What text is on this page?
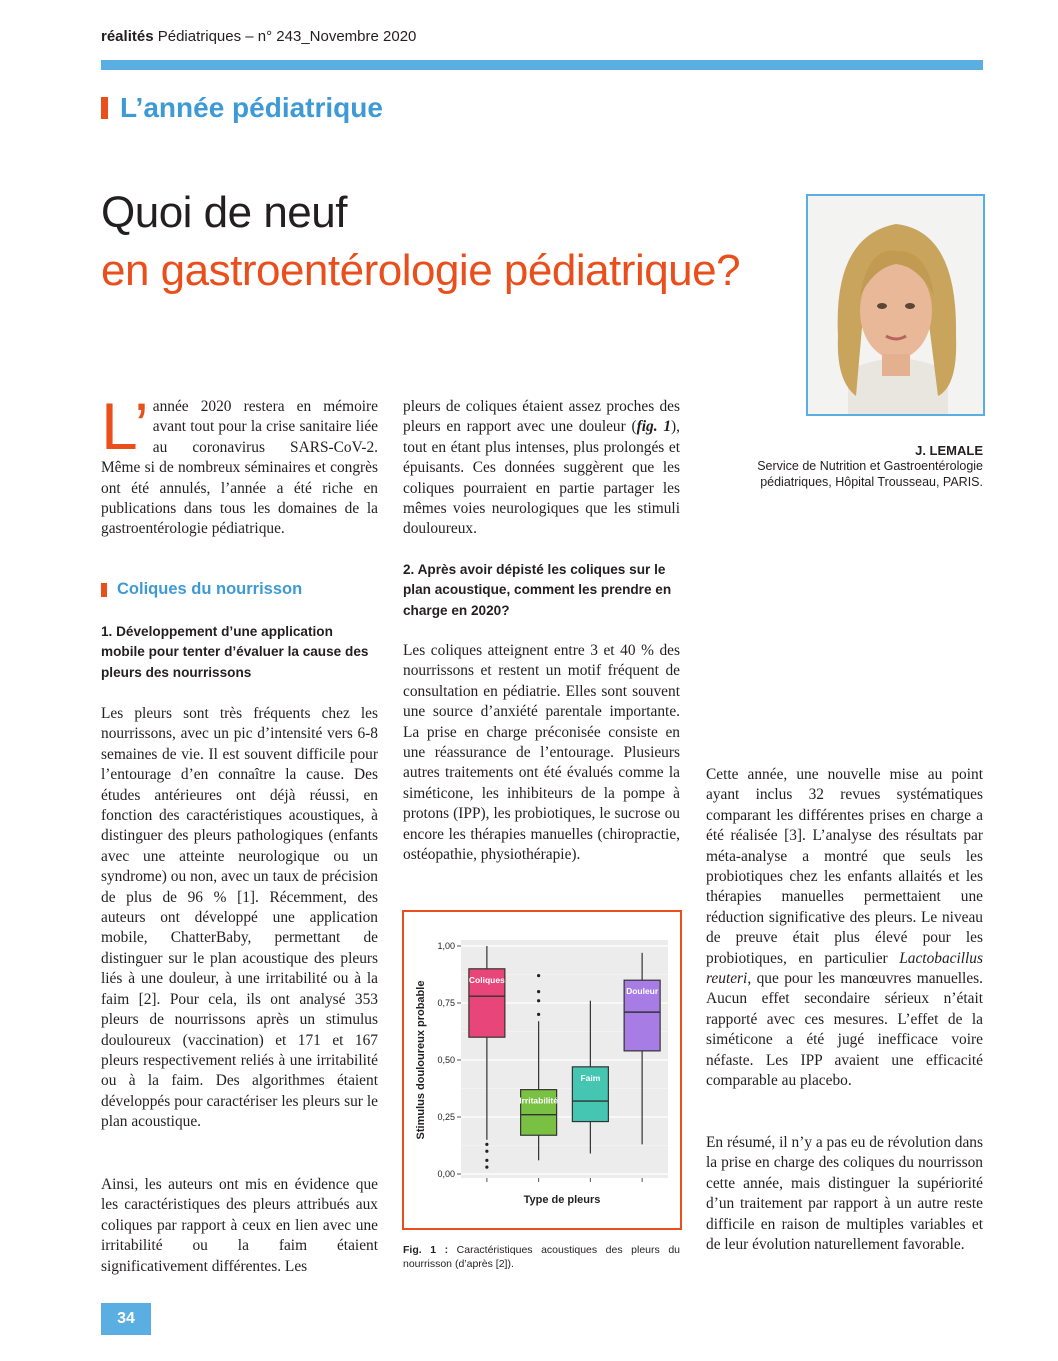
réalités Pédiatriques – n° 243_Novembre 2020
L’année pédiatrique
Quoi de neuf
en gastroentérologie pédiatrique?
J. LEMALE
Service de Nutrition et Gastroentérologie
pédiatriques, Hôpital Trousseau, PARIS.
L’ année 2020 restera en mémoire avant tout pour la crise sanitaire liée au coronavirus SARS-CoV-2. Même si de nombreux séminaires et congrès ont été annulés, l’année a été riche en publications dans tous les domaines de la gastroentérologie pédiatrique.
Coliques du nourrisson
1. Développement d’une application mobile pour tenter d’évaluer la cause des pleurs des nourrissons
Les pleurs sont très fréquents chez les nourrissons, avec un pic d’intensité vers 6-8 semaines de vie. Il est souvent difficile pour l’entourage d’en connaître la cause. Des études antérieures ont déjà réussi, en fonction des caractéristiques acoustiques, à distinguer des pleurs pathologiques (enfants avec une atteinte neurologique ou un syndrome) ou non, avec un taux de précision de plus de 96 % [1]. Récemment, des auteurs ont développé une application mobile, ChatterBaby, permettant de distinguer sur le plan acoustique des pleurs liés à une douleur, à une irritabilité ou à la faim [2]. Pour cela, ils ont analysé 353 pleurs de nourrissons après un stimulus douloureux (vaccination) et 171 et 167 pleurs respectivement reliés à une irritabilité ou à la faim. Des algorithmes étaient développés pour caractériser les pleurs sur le plan acoustique.
Ainsi, les auteurs ont mis en évidence que les caractéristiques des pleurs attribués aux coliques par rapport à ceux en lien avec une irritabilité ou la faim étaient significativement différentes. Les
pleurs de coliques étaient assez proches des pleurs en rapport avec une douleur (fig. 1), tout en étant plus intenses, plus prolongés et épuisants. Ces données suggèrent que les coliques pourraient en partie partager les mêmes voies neurologiques que les stimuli douloureux.
2. Après avoir dépisté les coliques sur le plan acoustique, comment les prendre en charge en 2020?
Les coliques atteignent entre 3 et 40 % des nourrissons et restent un motif fréquent de consultation en pédiatrie. Elles sont souvent une source d’anxiété parentale importante. La prise en charge préconisée consiste en une réassurance de l’entourage. Plusieurs autres traitements ont été évalués comme la siméticone, les inhibiteurs de la pompe à protons (IPP), les probiotiques, le sucrose ou encore les thérapies manuelles (chiropractie, ostéopathie, physiothérapie).
0,00
0,25
0,50
0,75
1,00
Coliques
Irritabilité
Faim
Douleur
Stimulus douloureux probable
Type de pleurs
Fig. 1 : Caractéristiques acoustiques des pleurs du nourrisson (d’après [2]).
Cette année, une nouvelle mise au point ayant inclus 32 revues systématiques comparant les différentes prises en charge a été réalisée [3]. L’analyse des résultats par méta-analyse a montré que seuls les probiotiques chez les enfants allaités et les thérapies manuelles permettaient une réduction significative des pleurs. Le niveau de preuve était plus élevé pour les probiotiques, en particulier Lactobacillus reuteri, que pour les manœuvres manuelles. Aucun effet secondaire sérieux n’était rapporté avec ces mesures. L’effet de la siméticone a été jugé inefficace voire néfaste. Les IPP avaient une efficacité comparable au placebo.
En résumé, il n’y a pas eu de révolution dans la prise en charge des coliques du nourrisson cette année, mais distinguer la supériorité d’un traitement par rapport à un autre reste difficile en raison de multiples variables et de leur évolution naturellement favorable.
34
